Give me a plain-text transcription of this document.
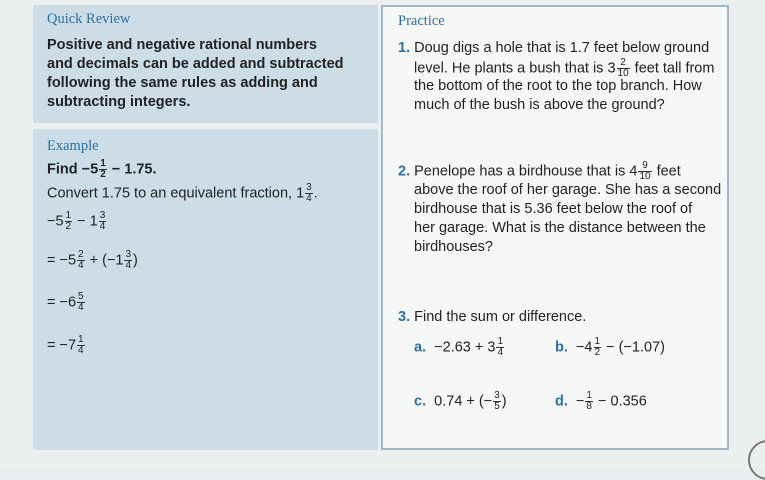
Quick Review
Positive and negative rational numbers
and decimals can be added and subtracted
following the same rules as adding and
subtracting integers.
Example
Find $-5 \frac{1}{2} - 1.75$.
Convert 1.75 to an equivalent fraction, $1 \frac{3}{4}$ .
$-5 \frac{1}{2} - 1 \frac{3}{4}$
= $-5 \frac{2}{4} + (-1 \frac{3}{4}$ )
= $-6 \frac{5}{4}$
= $-7 \frac{1}{4}$
Practice
1. Doug digs a hole that is 1.7 feet below ground
level. He plants a bush that is $3 \frac{2}{10}$ feet tall from
the bottom of the root to the top branch. How
much of the bush is above the ground?
2. Penelope has a birdhouse that is $4 \frac{9}{10}$ feet
above the roof of her garage. She has a second
birdhouse that is 5.36 feet below the roof of
her garage. What is the distance between the
birdhouses?
3. Find the sum or difference.
a. $-2.63 + 3 \frac{1}{4}$	b. $-4 \frac{1}{2} - (-1.07)$
c. 0.74 + (− $\frac{3}{5}$ )	d. − $\frac{1}{8} - 0.356$
